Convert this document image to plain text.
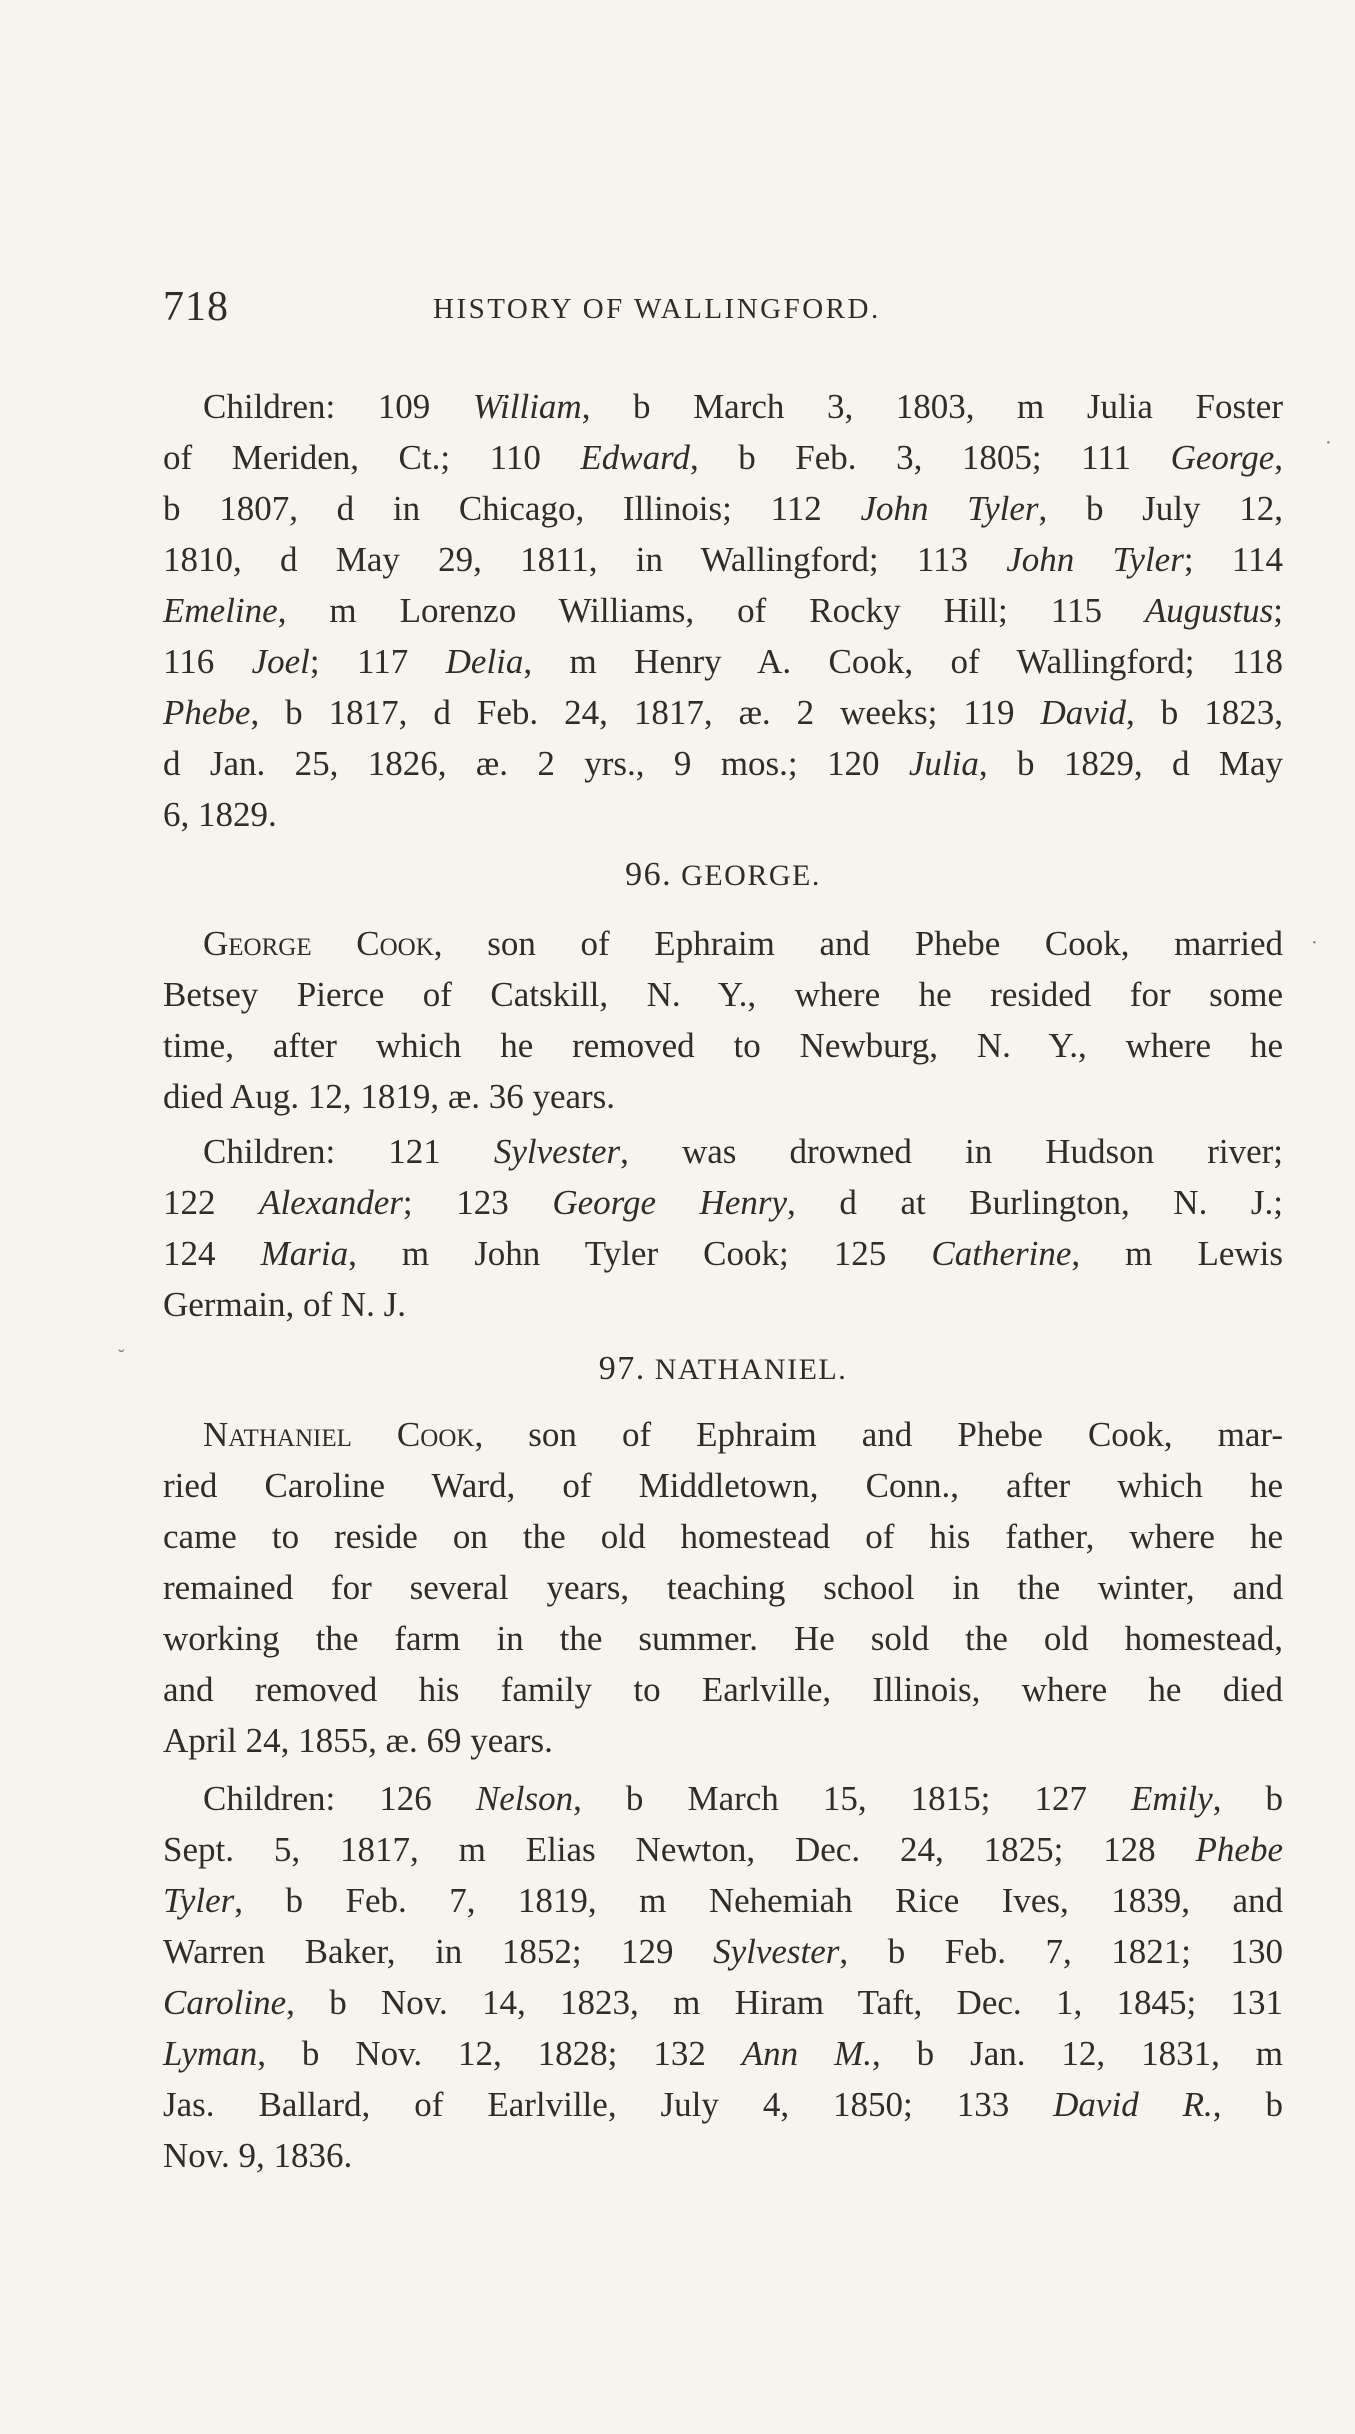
718	HISTORY OF WALLINGFORD.
Children: 109 William, b March 3, 1803, m Julia Foster
of Meriden, Ct.; 110 Edward, b Feb. 3, 1805; 111 George,
b 1807, d in Chicago, Illinois; 112 John Tyler, b July 12,
1810, d May 29, 1811, in Wallingford; 113 John Tyler; 114
Emeline, m Lorenzo Williams, of Rocky Hill; 115 Augustus;
116 Joel; 117 Delia, m Henry A. Cook, of Wallingford; 118
Phebe, b 1817, d Feb. 24, 1817, æ. 2 weeks; 119 David, b 1823,
d Jan. 25, 1826, æ. 2 yrs., 9 mos.; 120 Julia, b 1829, d May
6, 1829.
96. GEORGE.
George Cook, son of Ephraim and Phebe Cook, married
Betsey Pierce of Catskill, N. Y., where he resided for some
time, after which he removed to Newburg, N. Y., where he
died Aug. 12, 1819, æ. 36 years.
Children: 121 Sylvester, was drowned in Hudson river;
122 Alexander; 123 George Henry, d at Burlington, N. J.;
124 Maria, m John Tyler Cook; 125 Catherine, m Lewis
Germain, of N. J.
97. NATHANIEL.
Nathaniel Cook, son of Ephraim and Phebe Cook, mar-
ried Caroline Ward, of Middletown, Conn., after which he
came to reside on the old homestead of his father, where he
remained for several years, teaching school in the winter, and
working the farm in the summer. He sold the old homestead,
and removed his family to Earlville, Illinois, where he died
April 24, 1855, æ. 69 years.
Children: 126 Nelson, b March 15, 1815; 127 Emily, b
Sept. 5, 1817, m Elias Newton, Dec. 24, 1825; 128 Phebe
Tyler, b Feb. 7, 1819, m Nehemiah Rice Ives, 1839, and
Warren Baker, in 1852; 129 Sylvester, b Feb. 7, 1821; 130
Caroline, b Nov. 14, 1823, m Hiram Taft, Dec. 1, 1845; 131
Lyman, b Nov. 12, 1828; 132 Ann M., b Jan. 12, 1831, m
Jas. Ballard, of Earlville, July 4, 1850; 133 David R., b
Nov. 9, 1836.
·
·
˘
